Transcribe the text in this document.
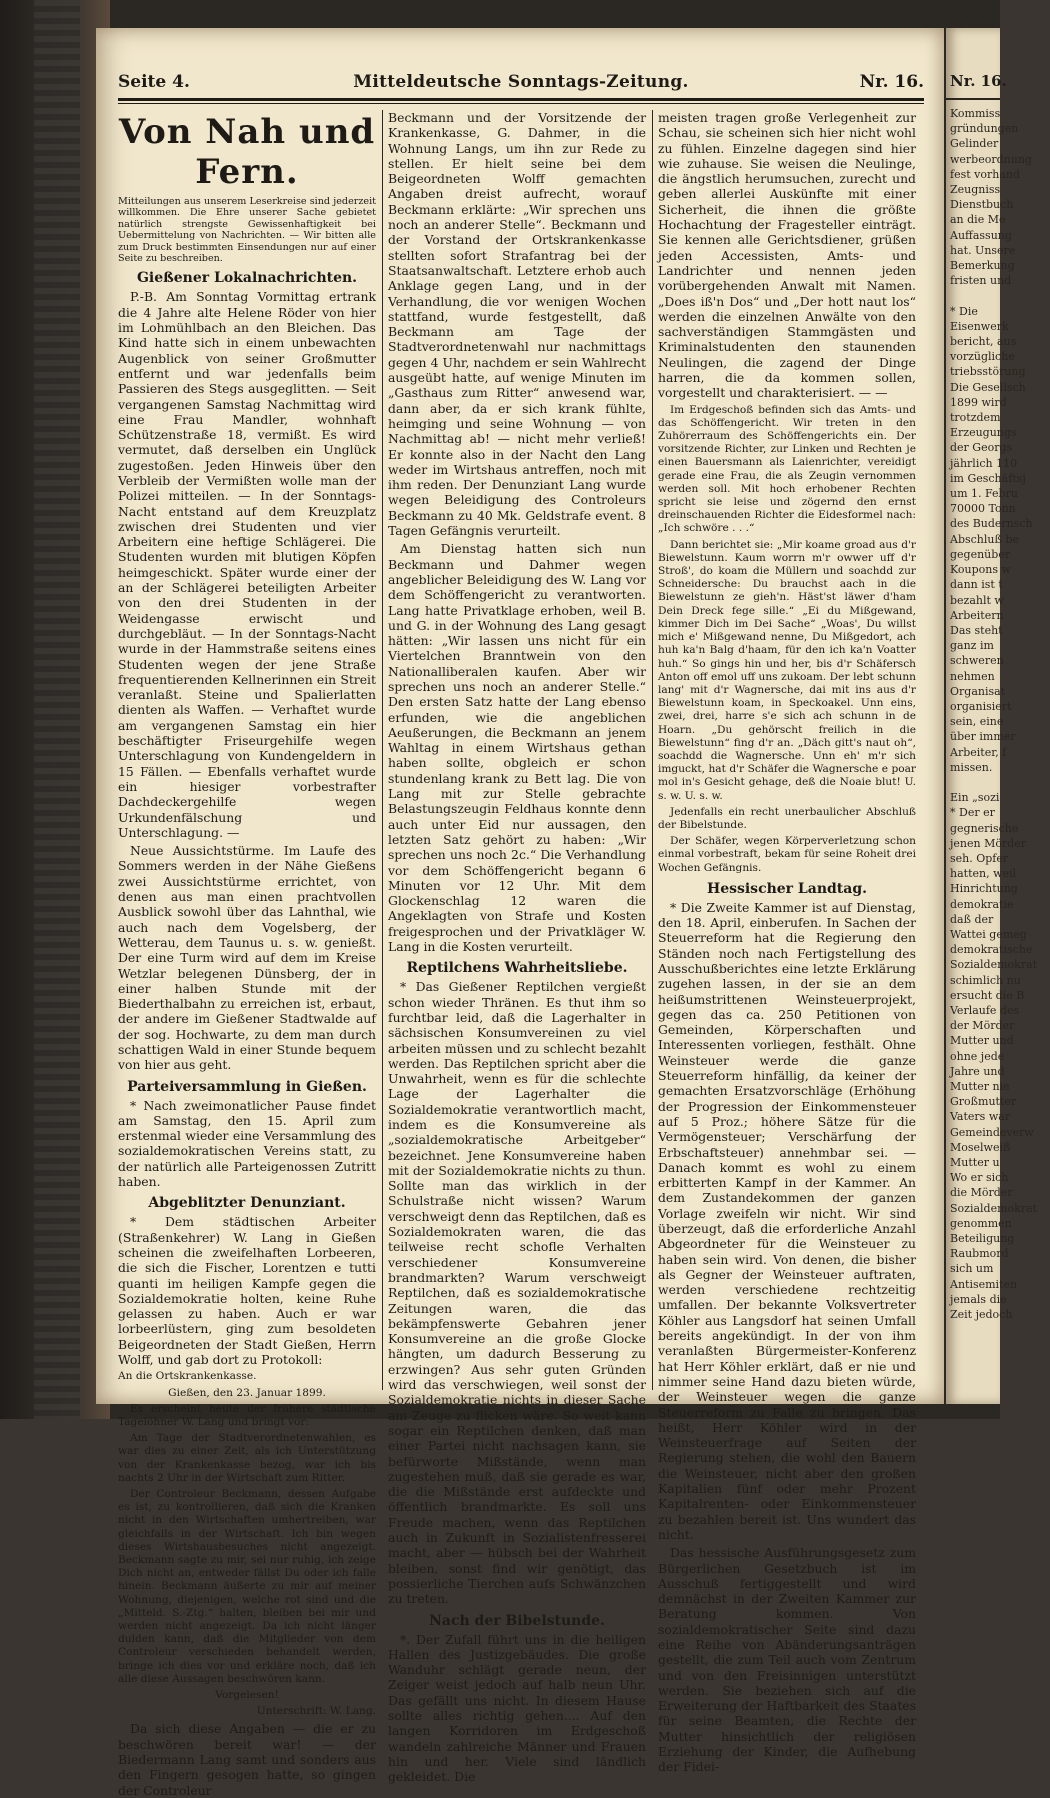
Seite 4.	Mitteldeutsche Sonntags-Zeitung.	Nr. 16.
Von Nah und Fern.

Mitteilungen aus unserem Leserkreise sind jederzeit willkommen. Die Ehre unserer Sache gebietet natürlich strengste Gewissenhaftigkeit bei Uebermittelung von Nachrichten. — Wir bitten alle zum Druck bestimmten Einsendungen nur auf einer Seite zu beschreiben.

Gießener Lokalnachrichten.

P.-B. Am Sonntag Vormittag ertrank die 4 Jahre alte Helene Röder von hier im Lohmühlbach an den Bleichen. Das Kind hatte sich in einem unbewachten Augenblick von seiner Großmutter entfernt und war jedenfalls beim Passieren des Stegs ausgeglitten. — Seit vergangenen Samstag Nachmittag wird eine Frau Mandler, wohnhaft Schützenstraße 18, vermißt. Es wird vermutet, daß derselben ein Unglück zugestoßen. Jeden Hinweis über den Verbleib der Vermißten wolle man der Polizei mitteilen. — In der Sonntags-Nacht entstand auf dem Kreuzplatz zwischen drei Studenten und vier Arbeitern eine heftige Schlägerei. Die Studenten wurden mit blutigen Köpfen heimgeschickt. Später wurde einer der an der Schlägerei beteiligten Arbeiter von den drei Studenten in der Weidengasse erwischt und durchgebläut. — In der Sonntags-Nacht wurde in der Hammstraße seitens eines Studenten wegen der jene Straße frequentierenden Kellnerinnen ein Streit veranlaßt. Steine und Spalierlatten dienten als Waffen. — Verhaftet wurde am vergangenen Samstag ein hier beschäftigter Friseurgehilfe wegen Unterschlagung von Kundengeldern in 15 Fällen. — Ebenfalls verhaftet wurde ein hiesiger vorbestrafter Dachdeckergehilfe wegen Urkundenfälschung und Unterschlagung. —

Neue Aussichtstürme. Im Laufe des Sommers werden in der Nähe Gießens zwei Aussichtstürme errichtet, von denen aus man einen prachtvollen Ausblick sowohl über das Lahnthal, wie auch nach dem Vogelsberg, der Wetterau, dem Taunus u. s. w. genießt. Der eine Turm wird auf dem im Kreise Wetzlar belegenen Dünsberg, der in einer halben Stunde mit der Biederthalbahn zu erreichen ist, erbaut, der andere im Gießener Stadtwalde auf der sog. Hochwarte, zu dem man durch schattigen Wald in einer Stunde bequem von hier aus geht.

Parteiversammlung in Gießen.

* Nach zweimonatlicher Pause findet am Samstag, den 15. April zum erstenmal wieder eine Versammlung des sozialdemokratischen Vereins statt, zu der natürlich alle Parteigenossen Zutritt haben.

Abgeblitzter Denunziant.

* Dem städtischen Arbeiter (Straßenkehrer) W. Lang in Gießen scheinen die zweifelhaften Lorbeeren, die sich die Fischer, Lorentzen e tutti quanti im heiligen Kampfe gegen die Sozialdemokratie holten, keine Ruhe gelassen zu haben. Auch er war lorbeerlüstern, ging zum besoldeten Beigeordneten der Stadt Gießen, Herrn Wolff, und gab dort zu Protokoll:

An die Ortskrankenkasse.

Gießen, den 23. Januar 1899.

Es erscheint heute der frühere städtische Tagelöhner W. Lang und bringt vor:

Am Tage der Stadtverordnetenwahlen, es war dies zu einer Zeit, als ich Unterstützung von der Krankenkasse bezog, war ich bis nachts 2 Uhr in der Wirtschaft zum Ritter.

Der Controleur Beckmann, dessen Aufgabe es ist, zu kontrollieren, daß sich die Kranken nicht in den Wirtschaften umhertreiben, war gleichfalls in der Wirtschaft. Ich bin wegen dieses Wirtshausbesuches nicht angezeigt. Beckmann sagte zu mir, sei nur ruhig, ich zeige Dich nicht an, entweder fällst Du oder ich falle hinein. Beckmann äußerte zu mir auf meiner Wohnung, diejenigen, welche rot sind und die „Mitteld. S.-Ztg.“ halten, bleiben bei mir und werden nicht angezeigt. Da ich nicht länger dulden kann, daß die Mitglieder von dem Controleur verschieden behandelt werden, bringe ich dies vor und erkläre noch, daß ich alle diese Aussagen beschwören kann.

Vorgelesen!

Unterschrift: W. Lang.

Da sich diese Angaben — die er zu beschwören bereit war! — der Biedermann Lang samt und sonders aus den Fingern gesogen hatte, so gingen der Controleur

Beckmann und der Vorsitzende der Krankenkasse, G. Dahmer, in die Wohnung Langs, um ihn zur Rede zu stellen. Er hielt seine bei dem Beigeordneten Wolff gemachten Angaben dreist aufrecht, worauf Beckmann erklärte: „Wir sprechen uns noch an anderer Stelle“. Beckmann und der Vorstand der Ortskrankenkasse stellten sofort Strafantrag bei der Staatsanwaltschaft. Letztere erhob auch Anklage gegen Lang, und in der Verhandlung, die vor wenigen Wochen stattfand, wurde festgestellt, daß Beckmann am Tage der Stadtverordnetenwahl nur nachmittags gegen 4 Uhr, nachdem er sein Wahlrecht ausgeübt hatte, auf wenige Minuten im „Gasthaus zum Ritter“ anwesend war, dann aber, da er sich krank fühlte, heimging und seine Wohnung — von Nachmittag ab! — nicht mehr verließ! Er konnte also in der Nacht den Lang weder im Wirtshaus antreffen, noch mit ihm reden. Der Denunziant Lang wurde wegen Beleidigung des Controleurs Beckmann zu 40 Mk. Geldstrafe event. 8 Tagen Gefängnis verurteilt.

Am Dienstag hatten sich nun Beckmann und Dahmer wegen angeblicher Beleidigung des W. Lang vor dem Schöffengericht zu verantworten. Lang hatte Privatklage erhoben, weil B. und G. in der Wohnung des Lang gesagt hätten: „Wir lassen uns nicht für ein Viertelchen Branntwein von den Nationalliberalen kaufen. Aber wir sprechen uns noch an anderer Stelle.“ Den ersten Satz hatte der Lang ebenso erfunden, wie die angeblichen Aeußerungen, die Beckmann an jenem Wahltag in einem Wirtshaus gethan haben sollte, obgleich er schon stundenlang krank zu Bett lag. Die von Lang mit zur Stelle gebrachte Belastungszeugin Feldhaus konnte denn auch unter Eid nur aussagen, den letzten Satz gehört zu haben: „Wir sprechen uns noch 2c.“ Die Verhandlung vor dem Schöffengericht begann 6 Minuten vor 12 Uhr. Mit dem Glockenschlag 12 waren die Angeklagten von Strafe und Kosten freigesprochen und der Privatkläger W. Lang in die Kosten verurteilt.

Reptilchens Wahrheitsliebe.

* Das Gießener Reptilchen vergießt schon wieder Thränen. Es thut ihm so furchtbar leid, daß die Lagerhalter in sächsischen Konsumvereinen zu viel arbeiten müssen und zu schlecht bezahlt werden. Das Reptilchen spricht aber die Unwahrheit, wenn es für die schlechte Lage der Lagerhalter die Sozialdemokratie verantwortlich macht, indem es die Konsumvereine als „sozialdemokratische Arbeitgeber“ bezeichnet. Jene Konsumvereine haben mit der Sozialdemokratie nichts zu thun. Sollte man das wirklich in der Schulstraße nicht wissen? Warum verschweigt denn das Reptilchen, daß es Sozialdemokraten waren, die das teilweise recht schofle Verhalten verschiedener Konsumvereine brandmarkten? Warum verschweigt Reptilchen, daß es sozialdemokratische Zeitungen waren, die das bekämpfenswerte Gebahren jener Konsumvereine an die große Glocke hängten, um dadurch Besserung zu erzwingen? Aus sehr guten Gründen wird das verschwiegen, weil sonst der Sozialdemokratie nichts in dieser Sache am Zeuge zu flicken wäre. So weit kann sogar ein Reptilchen denken, daß man einer Partei nicht nachsagen kann, sie befürworte Mißstände, wenn man zugestehen muß, daß sie gerade es war, die die Mißstände erst aufdeckte und öffentlich brandmarkte. Es soll uns Freude machen, wenn das Reptilchen auch in Zukunft in Sozialistenfresserei macht, aber — hübsch bei der Wahrheit bleiben, sonst find wir genötigt, das possierliche Tierchen aufs Schwänzchen zu treten.

Nach der Bibelstunde.

*. Der Zufall führt uns in die heiligen Hallen des Justizgebäudes. Die große Wanduhr schlägt gerade neun, der Zeiger weist jedoch auf halb neun Uhr. Das gefällt uns nicht. In diesem Hause sollte alles richtig gehen.... Auf den langen Korridoren im Erdgeschoß wandeln zahlreiche Männer und Frauen hin und her. Viele sind ländlich gekleidet. Die

meisten tragen große Verlegenheit zur Schau, sie scheinen sich hier nicht wohl zu fühlen. Einzelne dagegen sind hier wie zuhause. Sie weisen die Neulinge, die ängstlich herumsuchen, zurecht und geben allerlei Auskünfte mit einer Sicherheit, die ihnen die größte Hochachtung der Fragesteller einträgt. Sie kennen alle Gerichtsdiener, grüßen jeden Accessisten, Amts- und Landrichter und nennen jeden vorübergehenden Anwalt mit Namen. „Does iß'n Dos“ und „Der hott naut los“ werden die einzelnen Anwälte von den sachverständigen Stammgästen und Kriminalstudenten den staunenden Neulingen, die zagend der Dinge harren, die da kommen sollen, vorgestellt und charakterisiert. — —

Im Erdgeschoß befinden sich das Amts- und das Schöffengericht. Wir treten in den Zuhörerraum des Schöffengerichts ein. Der vorsitzende Richter, zur Linken und Rechten je einen Bauersmann als Laienrichter, vereidigt gerade eine Frau, die als Zeugin vernommen werden soll. Mit hoch erhobener Rechten spricht sie leise und zögernd den ernst dreinschauenden Richter die Eidesformel nach: „Ich schwöre . . .“

Dann berichtet sie: „Mir koame groad aus d'r Biewelstunn. Kaum worrn m'r owwer uff d'r Stroß', do koam die Müllern und soachdd zur Schneidersche: Du brauchst aach in die Biewelstunn ze gieh'n. Häst'st läwer d'ham Dein Dreck fege sille.“ „Ei du Mißgewand, kimmer Dich im Dei Sache“ „Woas', Du willst mich e' Mißgewand nenne, Du Mißgedort, ach huh ka'n Balg d'haam, für den ich ka'n Voatter huh.“ So gings hin und her, bis d'r Schäfersch Anton off emol uff uns zukoam. Der lebt schunn lang' mit d'r Wagnersche, dai mit ins aus d'r Biewelstunn koam, in Speckoakel. Unn eins, zwei, drei, harre s'e sich ach schunn in de Hoarn. „Du gehörscht freilich in die Biewelstunn“ fing d'r an. „Däch gitt's naut oh“, soachdd die Wagnersche. Unn eh' m'r sich imguckt, hat d'r Schäfer die Wagnersche e poar mol in's Gesicht gehage, deß die Noaie blut! U. s. w. U. s. w.

Jedenfalls ein recht unerbaulicher Abschluß der Bibelstunde.

Der Schäfer, wegen Körperverletzung schon einmal vorbestraft, bekam für seine Roheit drei Wochen Gefängnis.

Hessischer Landtag.

* Die Zweite Kammer ist auf Dienstag, den 18. April, einberufen. In Sachen der Steuerreform hat die Regierung den Ständen noch nach Fertigstellung des Ausschußberichtes eine letzte Erklärung zugehen lassen, in der sie an dem heißumstrittenen Weinsteuerprojekt, gegen das ca. 250 Petitionen von Gemeinden, Körperschaften und Interessenten vorliegen, festhält. Ohne Weinsteuer werde die ganze Steuerreform hinfällig, da keiner der gemachten Ersatzvorschläge (Erhöhung der Progression der Einkommensteuer auf 5 Proz.; höhere Sätze für die Vermögensteuer; Verschärfung der Erbschaftsteuer) annehmbar sei. — Danach kommt es wohl zu einem erbitterten Kampf in der Kammer. An dem Zustandekommen der ganzen Vorlage zweifeln wir nicht. Wir sind überzeugt, daß die erforderliche Anzahl Abgeordneter für die Weinsteuer zu haben sein wird. Von denen, die bisher als Gegner der Weinsteuer auftraten, werden verschiedene rechtzeitig umfallen. Der bekannte Volksvertreter Köhler aus Langsdorf hat seinen Umfall bereits angekündigt. In der von ihm veranlaßten Bürgermeister-Konferenz hat Herr Köhler erklärt, daß er nie und nimmer seine Hand dazu bieten würde, der Weinsteuer wegen die ganze Steuerreform zu Falle zu bringen. Das heißt, Herr Köhler wird in der Weinsteuerfrage auf Seiten der Regierung stehen, die wohl den Bauern die Weinsteuer, nicht aber den großen Kapitalien fünf oder mehr Prozent Kapitalrenten- oder Einkommensteuer zu bezahlen bereit ist. Uns wundert das nicht.

Das hessische Ausführungsgesetz zum Bürgerlichen Gesetzbuch ist im Ausschuß fertiggestellt und wird demnächst in der Zweiten Kammer zur Beratung kommen. Von sozialdemokratischer Seite sind dazu eine Reihe von Abänderungsanträgen gestellt, die zum Teil auch vom Zentrum und von den Freisinnigen unterstützt werden. Sie beziehen sich auf die Erweiterung der Haftbarkeit des Staates für seine Beamten, die Rechte der Mutter hinsichtlich der religiösen Erziehung der Kinder, die Aufhebung der Fidei-

Nr. 16.
Kommiss
gründungen
Gelinder
werbeordnung
fest vorhand
Zeugniss
Dienstbuch
an die Me
Auffassung
hat. Unsere
Bemerkung
fristen und

* Die
Eisenwerk
bericht, aus
vorzügliche
triebsstörung
Die Gesellsch
1899 wird
trotzdem
Erzeugungs
der Georgs
jährlich 110
im Geschäftsj
um 1. Febru
70000 Tonn
des Budernsch
Abschluß be
gegenüber
Koupons w
dann ist t
bezahlt w
Arbeitern
Das steht
ganz im
schweren
nehmen
Organisat
organisiert
sein, eine
über immer
Arbeiter, f
missen.

Ein „sozi
* Der er
gegnerische
jenen Mörder
seh. Opfer
hatten, weil
Hinrichtung
demokratie
daß der
Wattei gemeg
demokratische
Sozialdemokrat
schimlich nu
ersucht die B
Verlaufe des
der Mörder
Mutter und
ohne jede
Jahre und
Mutter nie
Großmutter
Vaters war
Gemeindeverw
Moselweiß
Mutter u
Wo er sich
die Mörder
Sozialdemokrat
genommen
Beteiligung
Raubmord
sich um
Antisemiten
jemals die
Zeit jedoch
